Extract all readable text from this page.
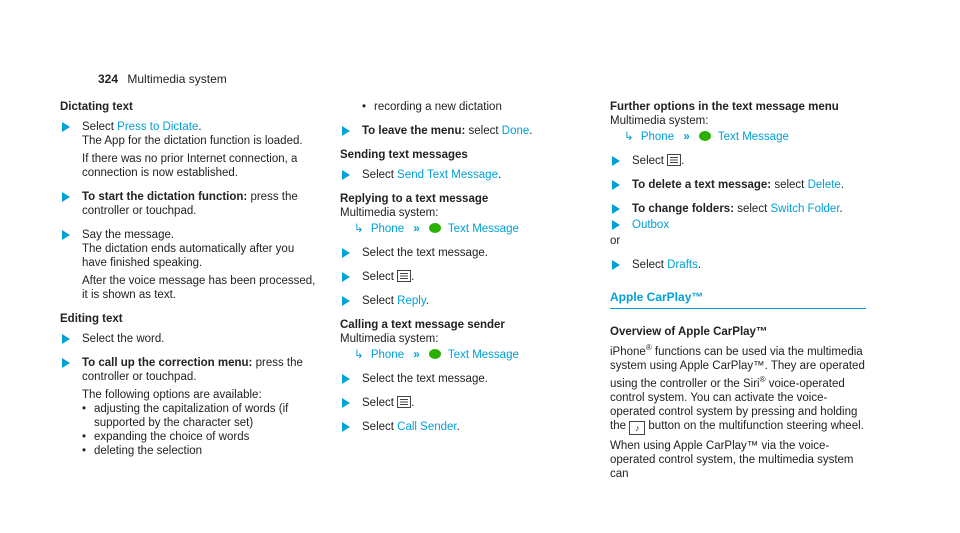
324 Multimedia system
Dictating text
Select Press to Dictate.
The App for the dictation function is loaded.
If there was no prior Internet connection, a connection is now established.
To start the dictation function: press the controller or touchpad.
Say the message.
The dictation ends automatically after you have finished speaking.
After the voice message has been processed, it is shown as text.
Editing text
Select the word.
To call up the correction menu: press the controller or touchpad.
The following options are available:
• adjusting the capitalization of words (if supported by the character set)
• expanding the choice of words
• deleting the selection
• recording a new dictation
To leave the menu: select Done.
Sending text messages
Select Send Text Message.
Replying to a text message
Multimedia system:
↳ Phone » Text Message
Select the text message.
Select .
Select Reply.
Calling a text message sender
Multimedia system:
↳ Phone » Text Message
Select the text message.
Select .
Select Call Sender.
Further options in the text message menu
Multimedia system:
↳ Phone » Text Message
Select .
To delete a text message: select Delete.
To change folders: select Switch Folder.
Outbox
or
Select Drafts.
Apple CarPlay™
Overview of Apple CarPlay™
iPhone® functions can be used via the multimedia system using Apple CarPlay™. They are operated using the controller or the Siri® voice-operated control system. You can activate the voice-operated control system by pressing and holding the ♪ button on the multifunction steering wheel.
When using Apple CarPlay™ via the voice-operated control system, the multimedia system can
